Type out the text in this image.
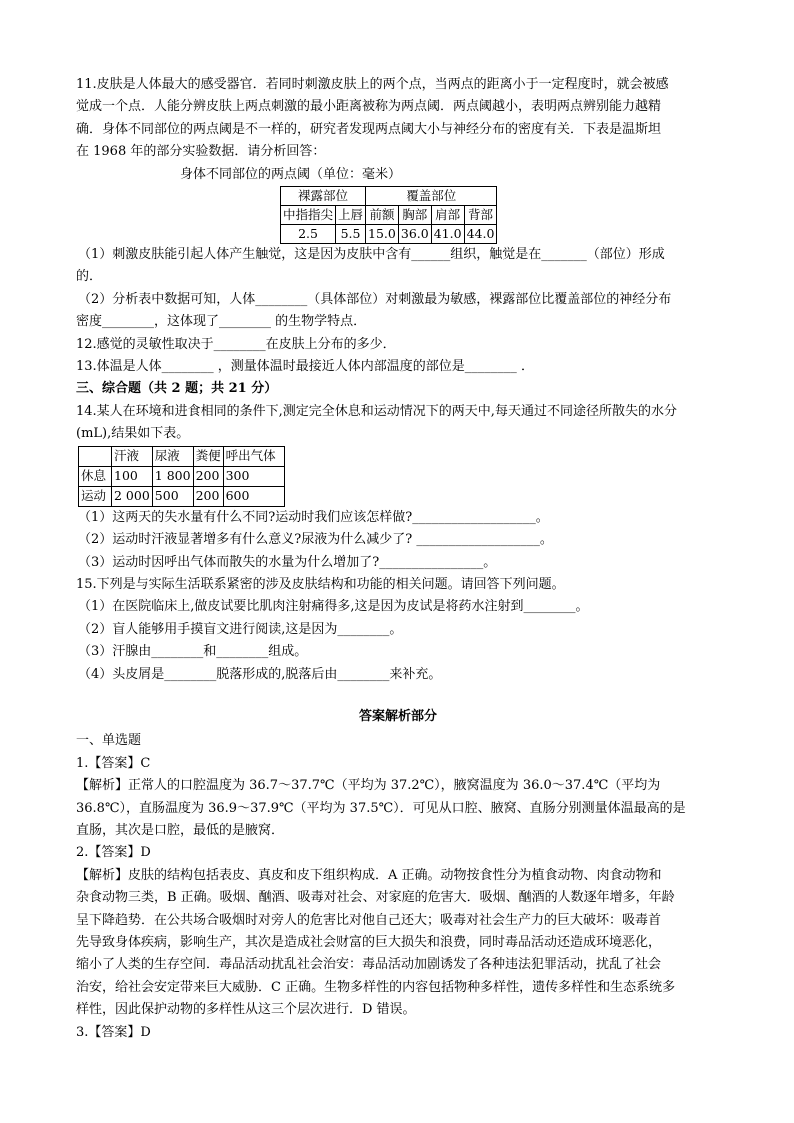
11.皮肤是人体最大的感受器官．若同时刺激皮肤上的两个点，当两点的距离小于一定程度时，就会被感

觉成一个点．人能分辨皮肤上两点刺激的最小距离被称为两点阈．两点阈越小，表明两点辨别能力越精

确．身体不同部位的两点阈是不一样的，研究者发现两点阈大小与神经分布的密度有关．下表是温斯坦

在 1968 年的部分实验数据．请分析回答：

身体不同部位的两点阈（单位：毫米）

裸露部位		覆盖部位			
中指指尖	上唇	前额	胸部	肩部	背部
2.5	5.5	15.0	36.0	41.0	44.0

（1）刺激皮肤能引起人体产生触觉，这是因为皮肤中含有______组织，触觉是在_______（部位）形成

的．

（2）分析表中数据可知，人体________（具体部位）对刺激最为敏感，裸露部位比覆盖部位的神经分布

密度________，这体现了________ 的生物学特点．

12.感觉的灵敏性取决于________在皮肤上分布的多少．

13.体温是人体________ ，测量体温时最接近人体内部温度的部位是________ ．

三、综合题（共 2 题；共 21 分）

14.某人在环境和进食相同的条件下,测定完全休息和运动情况下的两天中,每天通过不同途径所散失的水分

(mL),结果如下表。

	汗液	尿液	粪便	呼出气体
休息	100	1 800	200	300
运动	2 000	500	200	600

（1）这两天的失水量有什么不同?运动时我们应该怎样做?___________________。

（2）运动时汗液显著增多有什么意义?尿液为什么减少了? ___________________。

（3）运动时因呼出气体而散失的水量为什么增加了?________________。

15.下列是与实际生活联系紧密的涉及皮肤结构和功能的相关问题。请回答下列问题。

（1）在医院临床上,做皮试要比肌肉注射痛得多,这是因为皮试是将药水注射到________。

（2）盲人能够用手摸盲文进行阅读,这是因为________。

（3）汗腺由________和________组成。

（4）头皮屑是________脱落形成的,脱落后由________来补充。

答案解析部分

一、单选题

1.【答案】C

【解析】正常人的口腔温度为 36.7～37.7℃（平均为 37.2℃），腋窝温度为 36.0～37.4℃（平均为

36.8℃），直肠温度为 36.9～37.9℃（平均为 37.5℃）．可见从口腔、腋窝、直肠分别测量体温最高的是

直肠，其次是口腔，最低的是腋窝．

2.【答案】D

【解析】皮肤的结构包括表皮、真皮和皮下组织构成．A 正确。动物按食性分为植食动物、肉食动物和

杂食动物三类，B 正确。吸烟、酗酒、吸毒对社会、对家庭的危害大．吸烟、酗酒的人数逐年增多，年龄

呈下降趋势．在公共场合吸烟时对旁人的危害比对他自己还大；吸毒对社会生产力的巨大破坏：吸毒首

先导致身体疾病，影响生产，其次是造成社会财富的巨大损失和浪费，同时毒品活动还造成环境恶化，

缩小了人类的生存空间．毒品活动扰乱社会治安：毒品活动加剧诱发了各种违法犯罪活动，扰乱了社会

治安，给社会安定带来巨大威胁．C 正确。生物多样性的内容包括物种多样性，遗传多样性和生态系统多

样性，因此保护动物的多样性从这三个层次进行．D 错误。

3.【答案】D
